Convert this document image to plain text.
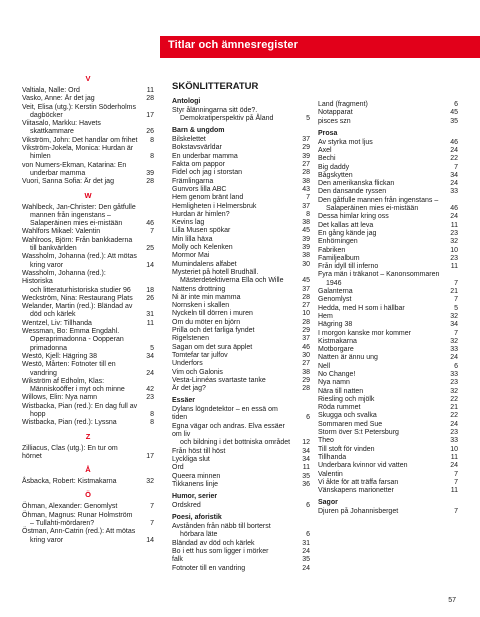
Titlar och ämnesregister
V
Valtiala, Nalle: Ord	11
Vasko, Anne: Är det jag	28
Veit, Elisa (utg.): Kerstin Söderholms
dagböcker	17
Viitasalo, Markku: Havets
skattkammare	26
Vikström, John: Det handlar om frihet 8
Vikström-Jokela, Monica: Hurdan är
himlen	8
von Numers-Ekman, Katarina: En
underbar mamma	39
Vuori, Sanna Sofia: Är det jag	28
W
Wahlbeck, Jan-Christer: Den gåtfulle
mannen från ingenstans –
Salaperäinen mies ei-mistään	46
Wahlfors Mikael: Valentin	7
Wahlroos, Björn: Från bankkaderna
till bankvärlden	25
Wassholm, Johanna (red.): Att mötas
kring varor	14
Wassholm, Johanna (red.): Historiska
och litteraturhistoriska studier 96	18
Weckström, Nina: Restaurang Plats	26
Welander, Martin (red.): Bländad av
död och kärlek	31
Wentzel, Liv: Tillhanda	11
Wessman, Bo: Emma Engdahl.
Operaprimadonna - Oopperan
primadonna	5
Westö, Kjell: Hägring 38	34
Westö, Mårten: Fotnoter till en
vandring	24
Wikström af Edholm, Klas:
Människoöffer i myt och minne	42
Willows, Elin: Nya namn	23
Wistbacka, Pian (red.): En dag full av
hopp	8
Wistbacka, Pian (red.): Lyssna	8
Z
Zilliacus, Clas (utg.): En tur om hörnet	17
Å
Åsbacka, Robert: Kistmakarna	32
Ö
Öhman, Alexander: Genomlyst	7
Öhman, Magnus: Runar Holmström
– Tullahti-mördaren?	7
Östman, Ann-Catrin (red.): Att mötas
kring varor	14
SKÖNLITTERATUR
Antologi
Styr ålänningarna sitt öde?.
Demokratiperspektiv på Åland	5
Barn & ungdom
Bilskelettet	37
Bokstavsvärldar	29
En underbar mamma	39
Fakta om pappor	27
Fidel och jag i storstan	28
Främlingarna	38
Gunvors lilla ABC	43
Hem genom bränt land	7
Hemligheten i Helmersbruk	37
Hurdan är himlen?	8
Kevins lag	38
Lilla Musen spökar	45
Min lilla häxa	39
Molly och Kelenken	39
Mormor Mai	38
Mumindalens alfabet	30
Mysteriet på hotell Brudhäll.
Mästerdetektiverna Ella och Wille	45
Nattens drottning	37
Ni är inte min mamma	28
Nornsken i skallen	27
Nyckeln till dörren i muren	10
Om du möter en björn	28
Prilla och det farliga fyndet	29
Rigelstenen	37
Sagan om det sura äpplet	46
Tomtefar tar julfov	30
Underfors	27
Vim och Galonis	38
Vesta-Linnéas svartaste tanke	29
Är det jag?	28
Essäer
Dylans lögndetektor – en essä om tiden	6
Egna vägar och andras. Elva essäer om liv
och bildning i det bottniska området	12
Från höst till höst	34
Lyckliga slut	34
Ord	11
Queera minnen	35
Tikkanens linje	36
Humor, serier
Ordskred	6
Poesi, aforistik
Avstånden från näbb till borterst
hörbara läte	6
Bländad av död och kärlek	31
Bo i ett hus som ligger i mörker	24
falk	35
Fotnoter till en vandring	24
Land (fragment)	6
Notapparat	45
pisces szn	35
Prosa
Av styrka mot ljus	46
Axel	24
Bechi	22
Big daddy	7
Bågskytten	34
Den amerikanska flickan	24
Den dansande ryssen	33
Den gåtfulle mannen från ingenstans –
Salaperäinen mies ei-mistään	46
Dessa himlar kring oss	24
Det kallas att leva	11
En gång kände jag	23
Enhörningen	32
Fabriken	10
Familjealbum	23
Från idyll till inferno	11
Fyra män i träkanot – Kanonsommaren
1946	7
Galanterna	21
Genomlyst	7
Hedda, med H som i hällbar	5
Hem	32
Hägring 38	34
I morgon kanske mor kommer	7
Kistmakarna	32
Motborgare	33
Natten är ännu ung	24
Nell	6
No Change!	33
Nya namn	23
Nära till natten	32
Riesling och mjölk	22
Röda rummet	21
Skugga och svalka	22
Sommaren med Sue	24
Storm över S:t Petersburg	23
Theo	33
Till stoft för vinden	10
Tillhanda	11
Underbara kvinnor vid vatten	24
Valentin	7
Vi åkte för att träffa farsan	7
Vänskapens marionetter	11
Sagor
Djuren på Johannisberget	7
57
